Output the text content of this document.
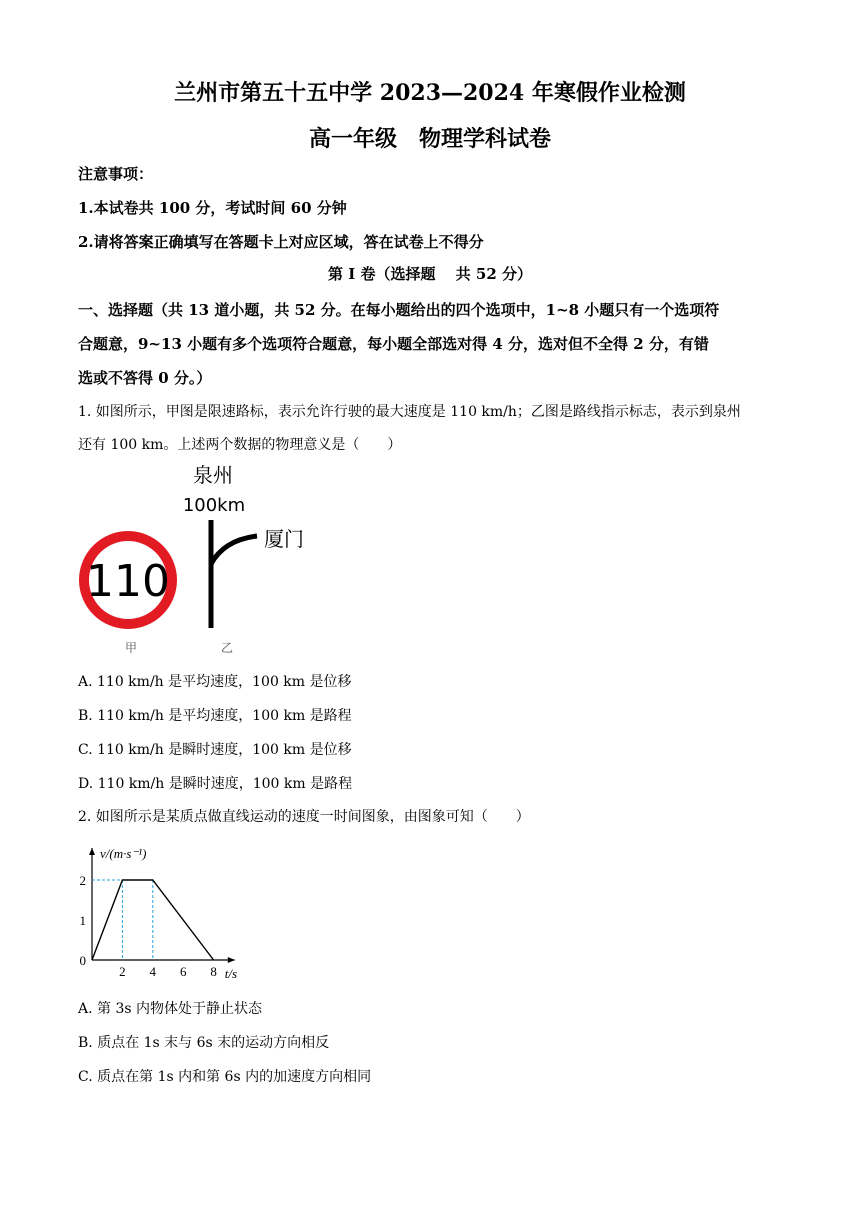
兰州市第五十五中学 2023—2024 年寒假作业检测
高一年级　物理学科试卷
注意事项：
1.本试卷共 100 分，考试时间 60 分钟
2.请将答案正确填写在答题卡上对应区域，答在试卷上不得分
第 I 卷（选择题　 共 52 分）
一、选择题（共 13 道小题，共 52 分。在每小题给出的四个选项中，1~8 小题只有一个选项符
合题意，9~13 小题有多个选项符合题意，每小题全部选对得 4 分，选对但不全得 2 分，有错
选或不答得 0 分。）
1. 如图所示，甲图是限速路标，表示允许行驶的最大速度是 110 km/h；乙图是路线指示标志，表示到泉州
还有 100 km。上述两个数据的物理意义是（　　）
110
泉州
100km
厦门
甲	乙
A. 110 km/h 是平均速度，100 km 是位移
B. 110 km/h 是平均速度，100 km 是路程
C. 110 km/h 是瞬时速度，100 km 是位移
D. 110 km/h 是瞬时速度，100 km 是路程
2. 如图所示是某质点做直线运动的速度一时间图象，由图象可知（　　）
2 4 6 8
0
1
2
v/(m·s⁻¹)
t/s
A. 第 3s 内物体处于静止状态
B. 质点在 1s 末与 6s 末的运动方向相反
C. 质点在第 1s 内和第 6s 内的加速度方向相同
